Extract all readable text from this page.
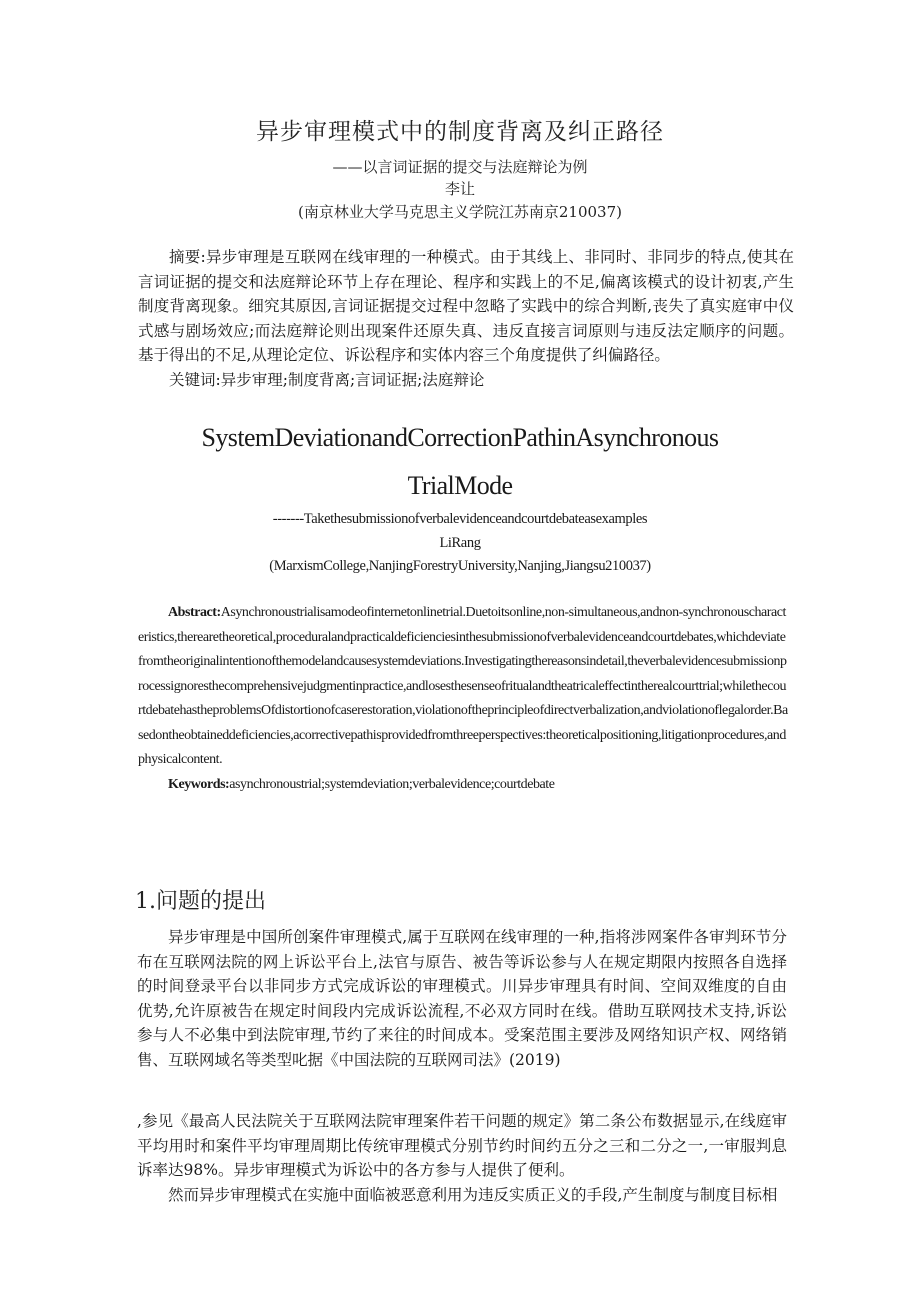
异步审理模式中的制度背离及纠正路径
——以言词证据的提交与法庭辩论为例
李让
(南京林业大学马克思主义学院江苏南京210037)

摘要:异步审理是互联网在线审理的一种模式。由于其线上、非同时、非同步的特点,使其在言词证据的提交和法庭辩论环节上存在理论、程序和实践上的不足,偏离该模式的设计初衷,产生制度背离现象。细究其原因,言词证据提交过程中忽略了实践中的综合判断,丧失了真实庭审中仪式感与剧场效应;而法庭辩论则出现案件还原失真、违反直接言词原则与违反法定顺序的问题。基于得出的不足,从理论定位、诉讼程序和实体内容三个角度提供了纠偏路径。

关键词:异步审理;制度背离;言词证据;法庭辩论

SystemDeviationandCorrectionPathinAsynchronous
TrialMode
-------Takethesubmissionofverbalevidenceandcourtdebateasexamples
LiRang
(MarxismCollege,NanjingForestryUniversity,Nanjing,Jiangsu210037)

Abstract:Asynchronoustrialisamodeofinternetonlinetrial.Duetoitsonline,non-simultaneous,andnon-synchronouscharacteristics,therearetheoretical,proceduralandpracticaldeficienciesinthesubmissionofverbalevidenceandcourtdebates,whichdeviatefromtheoriginalintentionofthemodelandcausesystemdeviations.Investigatingthereasonsindetail,theverbalevidencesubmissionprocessignoresthecomprehensivejudgmentinpractice,andlosesthesenseofritualandtheatricaleffectintherealcourttrial;whilethecourtdebatehastheproblemsOfdistortionofcaserestoration,violationoftheprincipleofdirectverbalization,andviolationoflegalorder.Basedontheobtaineddeficiencies,acorrectivepathisprovidedfromthreeperspectives:theoreticalpositioning,litigationprocedures,andphysicalcontent.

Keywords:asynchronoustrial;systemdeviation;verbalevidence;courtdebate

1.问题的提出

异步审理是中国所创案件审理模式,属于互联网在线审理的一种,指将涉网案件各审判环节分布在互联网法院的网上诉讼平台上,法官与原告、被告等诉讼参与人在规定期限内按照各自选择的时间登录平台以非同步方式完成诉讼的审理模式。川异步审理具有时间、空间双维度的自由优势,允许原被告在规定时间段内完成诉讼流程,不必双方同时在线。借助互联网技术支持,诉讼参与人不必集中到法院审理,节约了来往的时间成本。受案范围主要涉及网络知识产权、网络销售、互联网域名等类型叱据《中国法院的互联网司法》(2019)

,参见《最高人民法院关于互联网法院审理案件若干问题的规定》第二条公布数据显示,在线庭审平均用时和案件平均审理周期比传统审理模式分别节约时间约五分之三和二分之一,一审服判息诉率达98%。异步审理模式为诉讼中的各方参与人提供了便利。

然而异步审理模式在实施中面临被恶意利用为违反实质正义的手段,产生制度与制度目标相
